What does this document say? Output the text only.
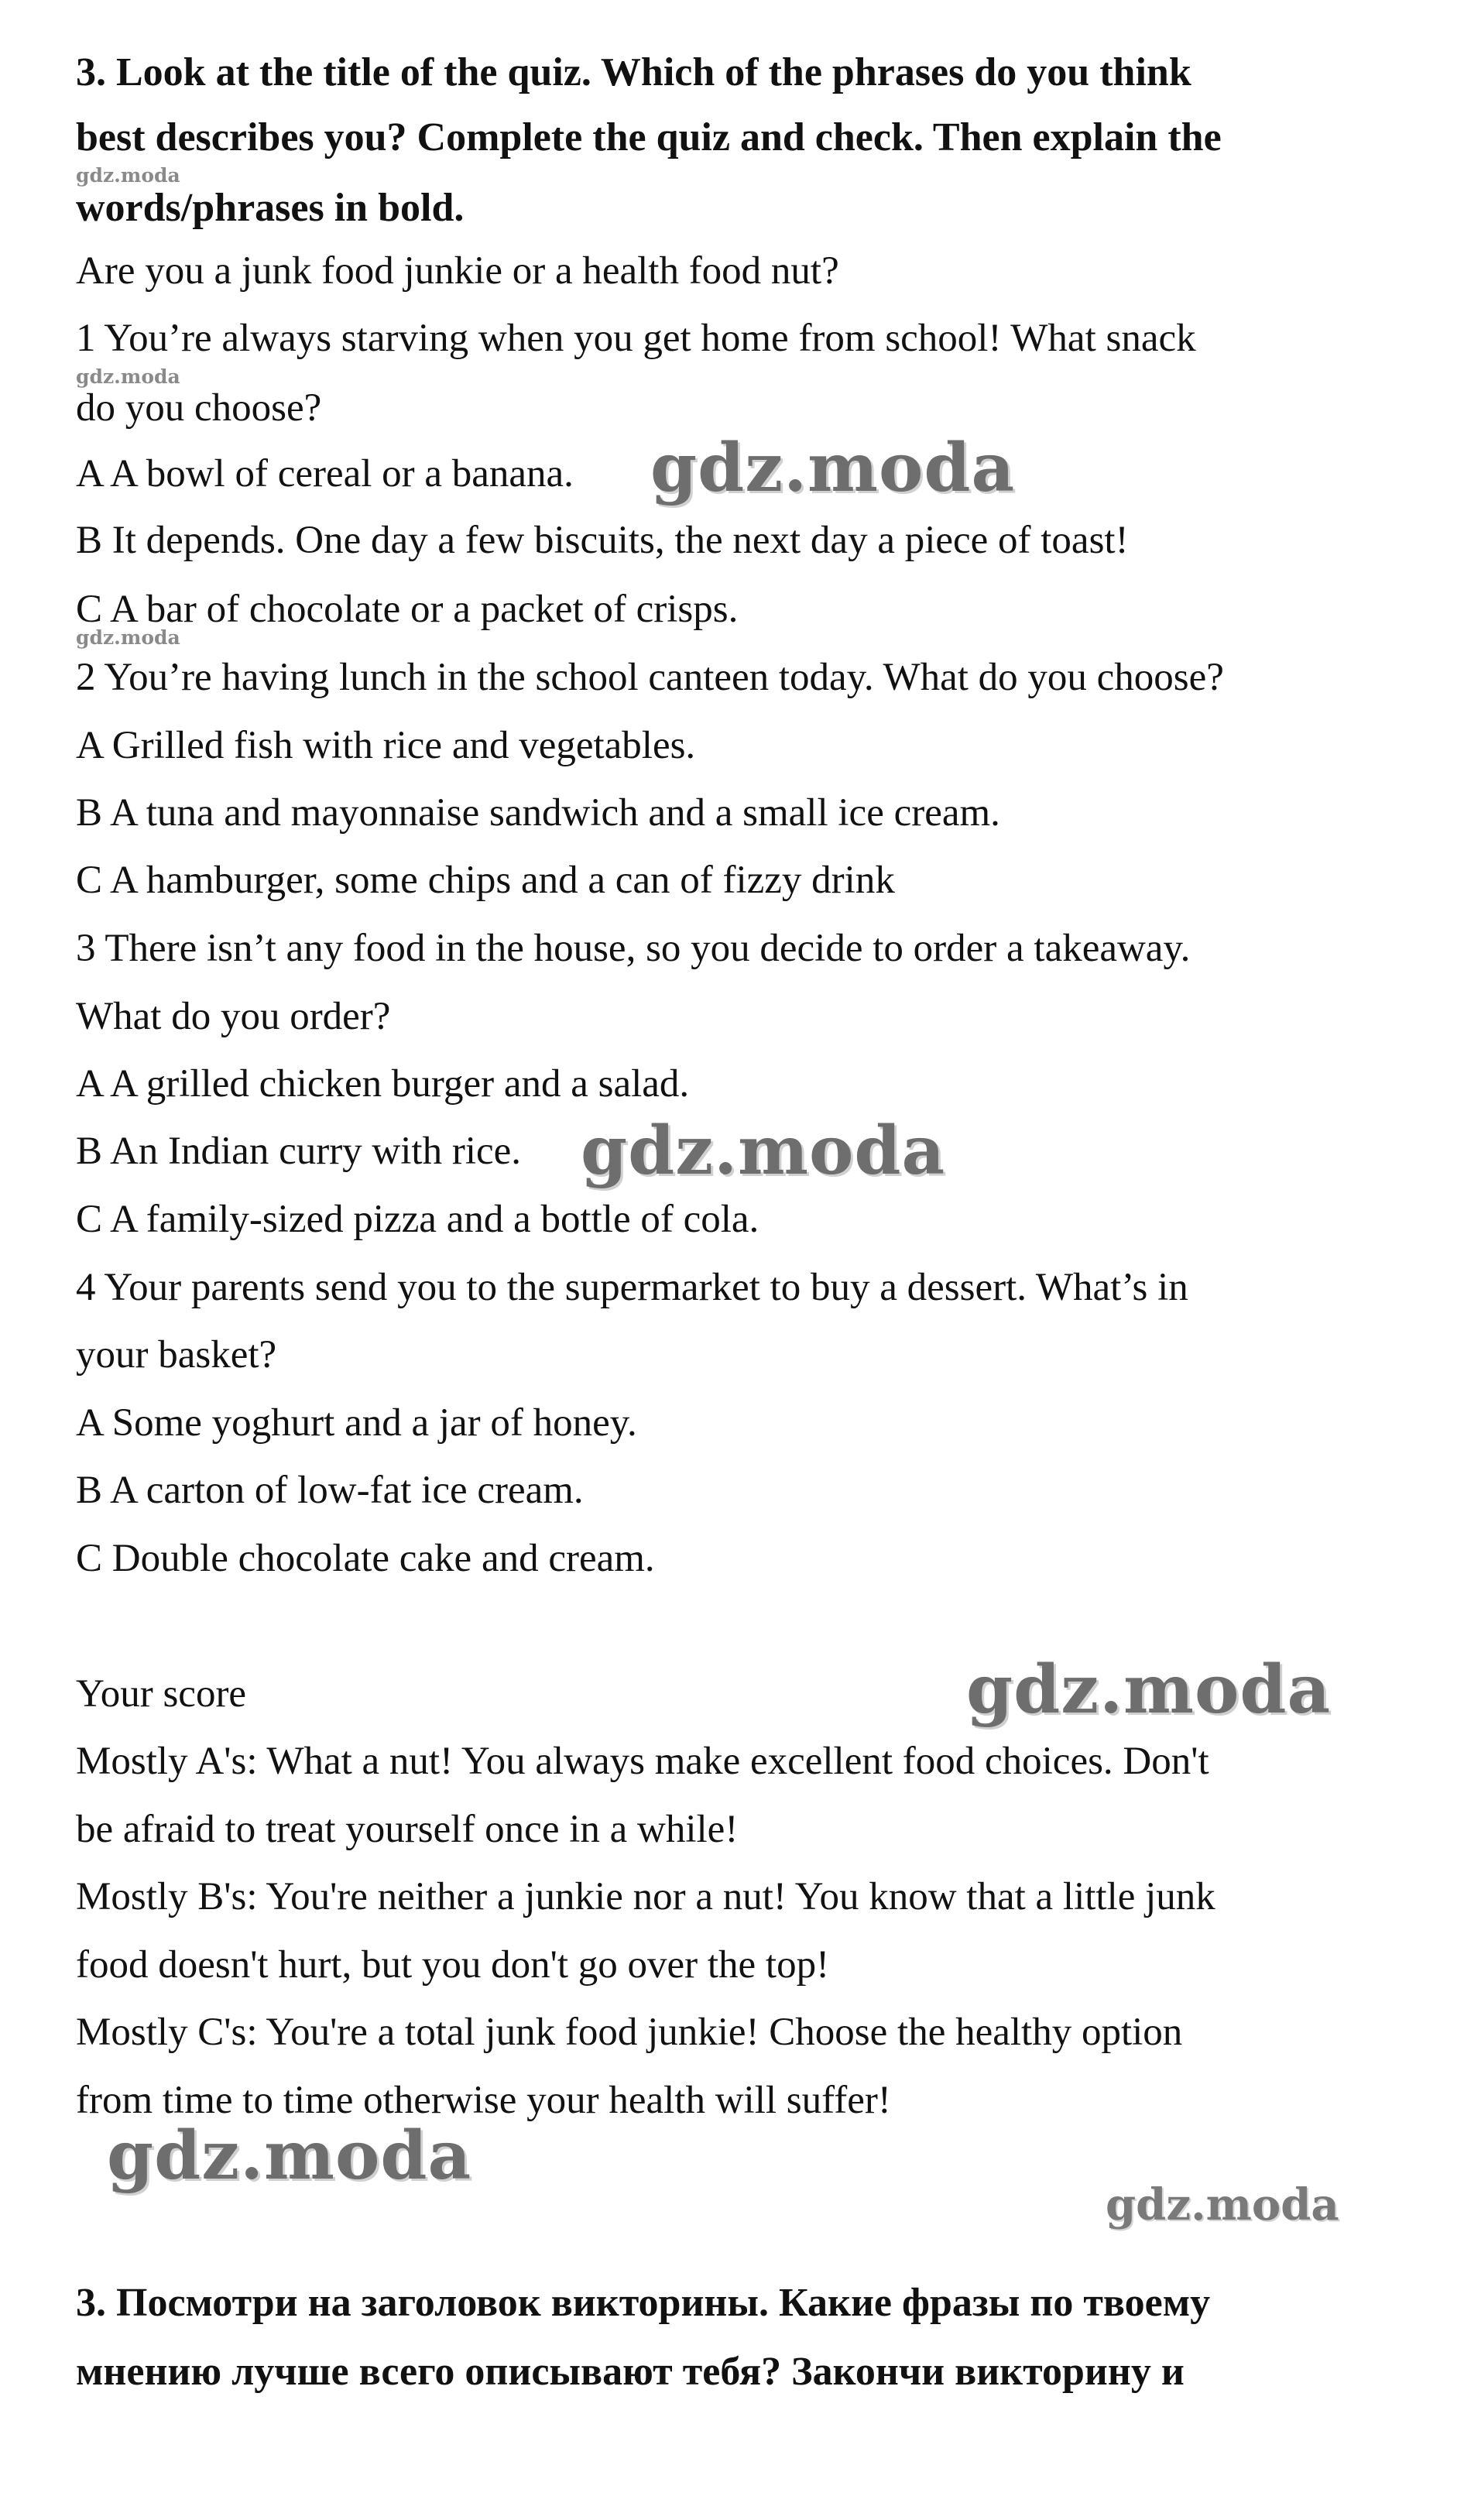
3. Look at the title of the quiz. Which of the phrases do you think

best describes you? Complete the quiz and check. Then explain the

words/phrases in bold.

Are you a junk food junkie or a health food nut?

1 You’re always starving when you get home from school! What snack

do you choose?

A A bowl of cereal or a banana.

B It depends. One day a few biscuits, the next day a piece of toast!

C A bar of chocolate or a packet of crisps.

2 You’re having lunch in the school canteen today. What do you choose?

A Grilled fish with rice and vegetables.

B A tuna and mayonnaise sandwich and a small ice cream.

C A hamburger, some chips and a can of fizzy drink

3 There isn’t any food in the house, so you decide to order a takeaway.

What do you order?

A A grilled chicken burger and a salad.

B An Indian curry with rice.

C A family-sized pizza and a bottle of cola.

4 Your parents send you to the supermarket to buy a dessert. What’s in

your basket?

A Some yoghurt and a jar of honey.

B A carton of low-fat ice cream.

C Double chocolate cake and cream.

Your score

Mostly A's: What a nut! You always make excellent food choices. Don't

be afraid to treat yourself once in a while!

Mostly B's: You're neither a junkie nor a nut! You know that a little junk

food doesn't hurt, but you don't go over the top!

Mostly C's: You're a total junk food junkie! Choose the healthy option

from time to time otherwise your health will suffer!

3. Посмотри на заголовок викторины. Какие фразы по твоему

мнению лучше всего описывают тебя? Закончи викторину и

gdz.moda
gdz.moda
gdz.moda
gdz.moda
gdz.moda
gdz.moda
gdz.moda
gdz.moda
